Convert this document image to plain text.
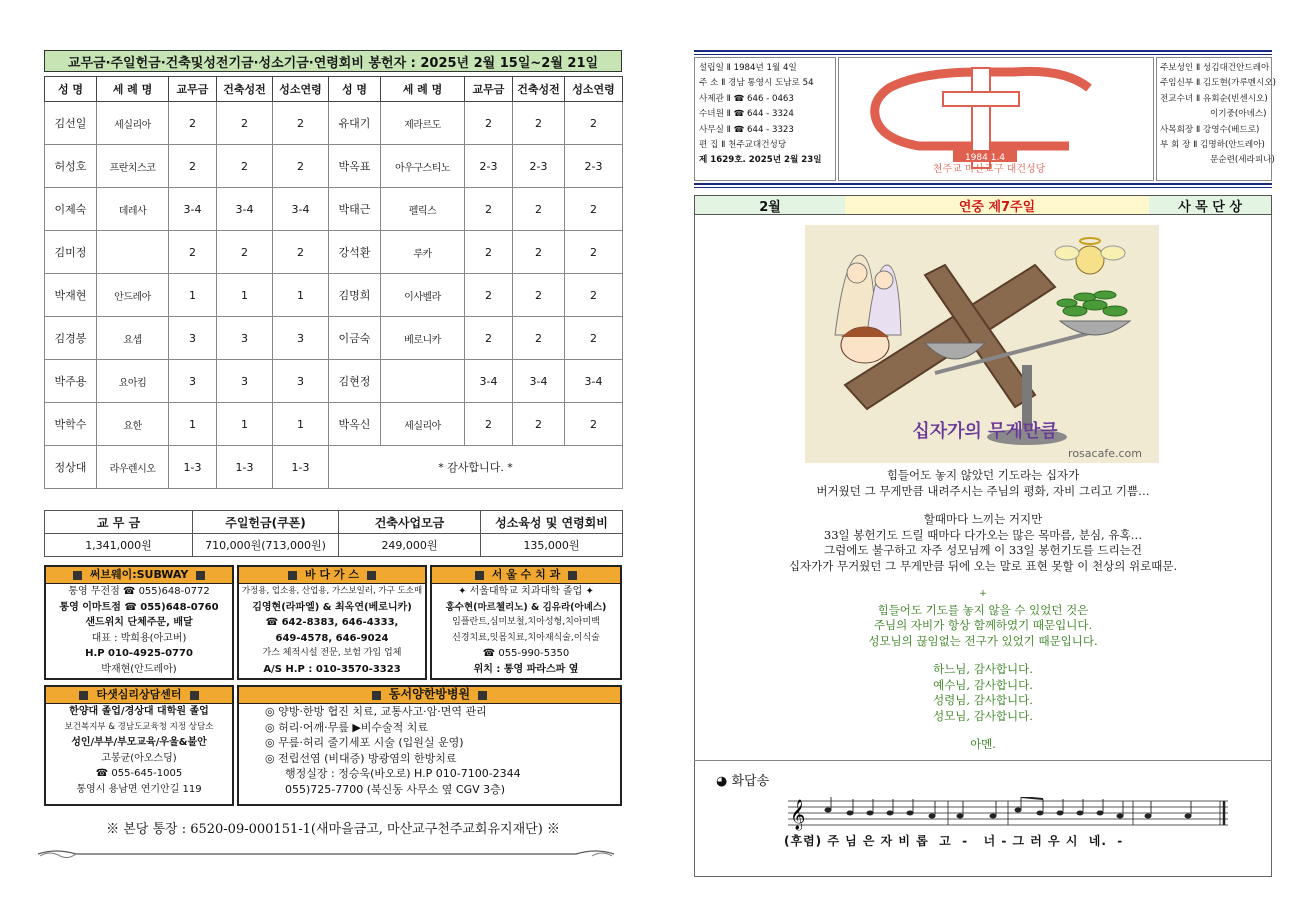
교무금·주일헌금·건축및성전기금·성소기금·연령회비 봉헌자 : 2025년 2월 15일~2월 21일
성 명	세 례 명	교무금	건축성전	성소연령	성 명	세 례 명	교무금	건축성전	성소연령
김선일	세실리아	2	2	2	유대기	제라르도	2	2	2
허성호	프란치스코	2	2	2	박옥표	아우구스티노	2-3	2-3	2-3
이제숙	데레사	3-4	3-4	3-4	박태근	펠릭스	2	2	2
김미정		2	2	2	강석환	루카	2	2	2
박재현	안드레아	1	1	1	김명희	이사벨라	2	2	2
김경봉	요셉	3	3	3	이금숙	베로니카	2	2	2
박주용	요아킴	3	3	3	김현정		3-4	3-4	3-4
박학수	요한	1	1	1	박옥신	세실리아	2	2	2
정상대	라우렌시오	1-3	1-3	1-3	* 감사합니다. *				
교 무 금	주일헌금(쿠폰)	건축사업모금	성소육성 및 연령회비
1,341,000원	710,000원(713,000원)	249,000원	135,000원
써브웨이:SUBWAY
통영 무전점 ☎ 055)648-0772
통영 이마트점 ☎ 055)648-0760
샌드위치 단체주문, 배달
대표 : 박희용(아고버)
H.P 010-4925-0770
박재현(안드레아)
바 다 가 스
가정용, 업소용, 산업용, 가스보일러, 가구 도소매
김영현(라파엘) & 최옥연(베로니카)
☎ 642-8383, 646-4333,
649-4578, 646-9024
가스 체적시설 전문, 보험 가입 업체
A/S H.P : 010-3570-3323
서 울 수 치 과
✦ 서울대학교 치과대학 졸업 ✦
홍수현(마르첼리노) & 김유라(아녜스)
임플란트,심미보철,치아성형,치아미백
신경치료,잇몸치료,치아재식술,이식술
☎ 055-990-5350
위치 : 통영 파라스파 옆
타샛심리상담센터
한양대 졸업/경상대 대학원 졸업
보건복지부 & 경남도교육청 지정 상담소
성인/부부/부모교육/우울&불안
고봉균(아오스딩)
☎ 055-645-1005
통영시 용남면 연기안길 119
동서양한방병원
◎ 양방·한방 협진 치료, 교통사고·암·면역 관리
◎ 허리·어깨·무릎 ▶비수술적 치료
◎ 무릎·허리 줄기세포 시술 (입원실 운영)
◎ 전립선염 (비대증) 방광염의 한방치료
행정실장 : 정승욱(바오로) H.P 010-7100-2344
055)725-7700 (북신동 사무소 옆 CGV 3층)
※ 본당 통장 : 6520-09-000151-1(새마을금고, 마산교구천주교회유지재단) ※
설립일 Ⅱ 1984년 1월 4일
주 소 Ⅱ 경남 통영시 도남로 54
사제관 Ⅱ ☎ 646 - 0463
수녀원 Ⅱ ☎ 644 - 3324
사무실 Ⅱ ☎ 644 - 3323
편 집 Ⅱ 천주교대건성당
제 1629호. 2025년 2월 23일	1984 1.4
천주교 마산교구 대건성당
주보성인 Ⅱ 성김대건안드레아
주임신부 Ⅱ 김도현(가루멘시오)
전교수녀 Ⅱ 유회순(빈센시오)
이기중(아녜스)
사목회장 Ⅱ 강영수(베드로)
부 회 장 Ⅱ 김명하(안드레아)
문순련(세라피나)
2월	연중 제7주일	사 목 단 상
십자가의 무게만큼
rosacafe.com

힘들어도 놓지 않았던 기도라는 십자가

버거웠던 그 무게만큼 내려주시는 주님의 평화, 자비 그리고 기쁨…

할때마다 느끼는 거지만

33일 봉헌기도 드릴 때마다 다가오는 많은 목마름, 분심, 유혹…

그럼에도 불구하고 자주 성모님께 이 33일 봉헌기도를 드리는건

십자가가 무거웠던 그 무게만큼 뒤에 오는 말로 표현 못할 이 천상의 위로때문.

+

힘들어도 기도를 놓지 않을 수 있었던 것은

주님의 자비가 항상 함께하였기 때문입니다.

성모님의 끊임없는 전구가 있었기 때문입니다.

하느님, 감사합니다.

예수님, 감사합니다.

성령님, 감사합니다.

성모님, 감사합니다.

아멘.

◕ 화답송
𝄞
(후렴) 주 님 은 자 비 롭  고  -   너 - 그 러 우 시  네.  -
